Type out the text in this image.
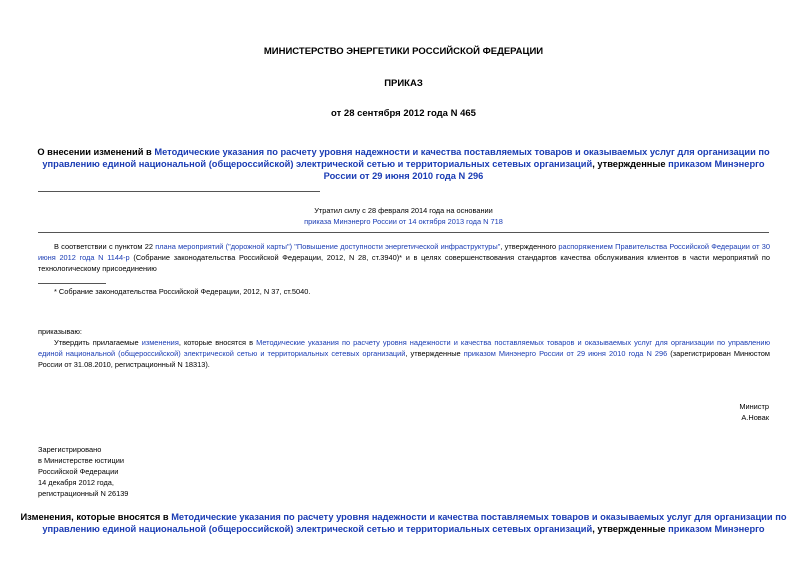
МИНИСТЕРСТВО ЭНЕРГЕТИКИ РОССИЙСКОЙ ФЕДЕРАЦИИ
ПРИКАЗ
от 28 сентября 2012 года N 465
О внесении изменений в Методические указания по расчету уровня надежности и качества поставляемых товаров и оказываемых услуг для организации по управлению единой национальной (общероссийской) электрической сетью и территориальных сетевых организаций, утвержденные приказом Минэнерго России от 29 июня 2010 года N 296
Утратил силу с 28 февраля 2014 года на основании
приказа Минэнерго России от 14 октября 2013 года N 718
В соответствии с пунктом 22 плана мероприятий ("дорожной карты") "Повышение доступности энергетической инфраструктуры", утвержденного распоряжением Правительства Российской Федерации от 30 июня 2012 года N 1144-р (Собрание законодательства Российской Федерации, 2012, N 28, ст.3940)* и в целях совершенствования стандартов качества обслуживания клиентов в части мероприятий по технологическому присоединению
* Собрание законодательства Российской Федерации, 2012, N 37, ст.5040.
приказываю:
Утвердить прилагаемые изменения, которые вносятся в Методические указания по расчету уровня надежности и качества поставляемых товаров и оказываемых услуг для организации по управлению единой национальной (общероссийской) электрической сетью и территориальных сетевых организаций, утвержденные приказом Минэнерго России от 29 июня 2010 года N 296 (зарегистрирован Минюстом России от 31.08.2010, регистрационный N 18313).
Министр
А.Новак
Зарегистрировано
в Министерстве юстиции
Российской Федерации
14 декабря 2012 года,
регистрационный N 26139
Изменения, которые вносятся в Методические указания по расчету уровня надежности и качества поставляемых товаров и оказываемых услуг для организации по управлению единой национальной (общероссийской) электрической сетью и территориальных сетевых организаций, утвержденные приказом Минэнерго
